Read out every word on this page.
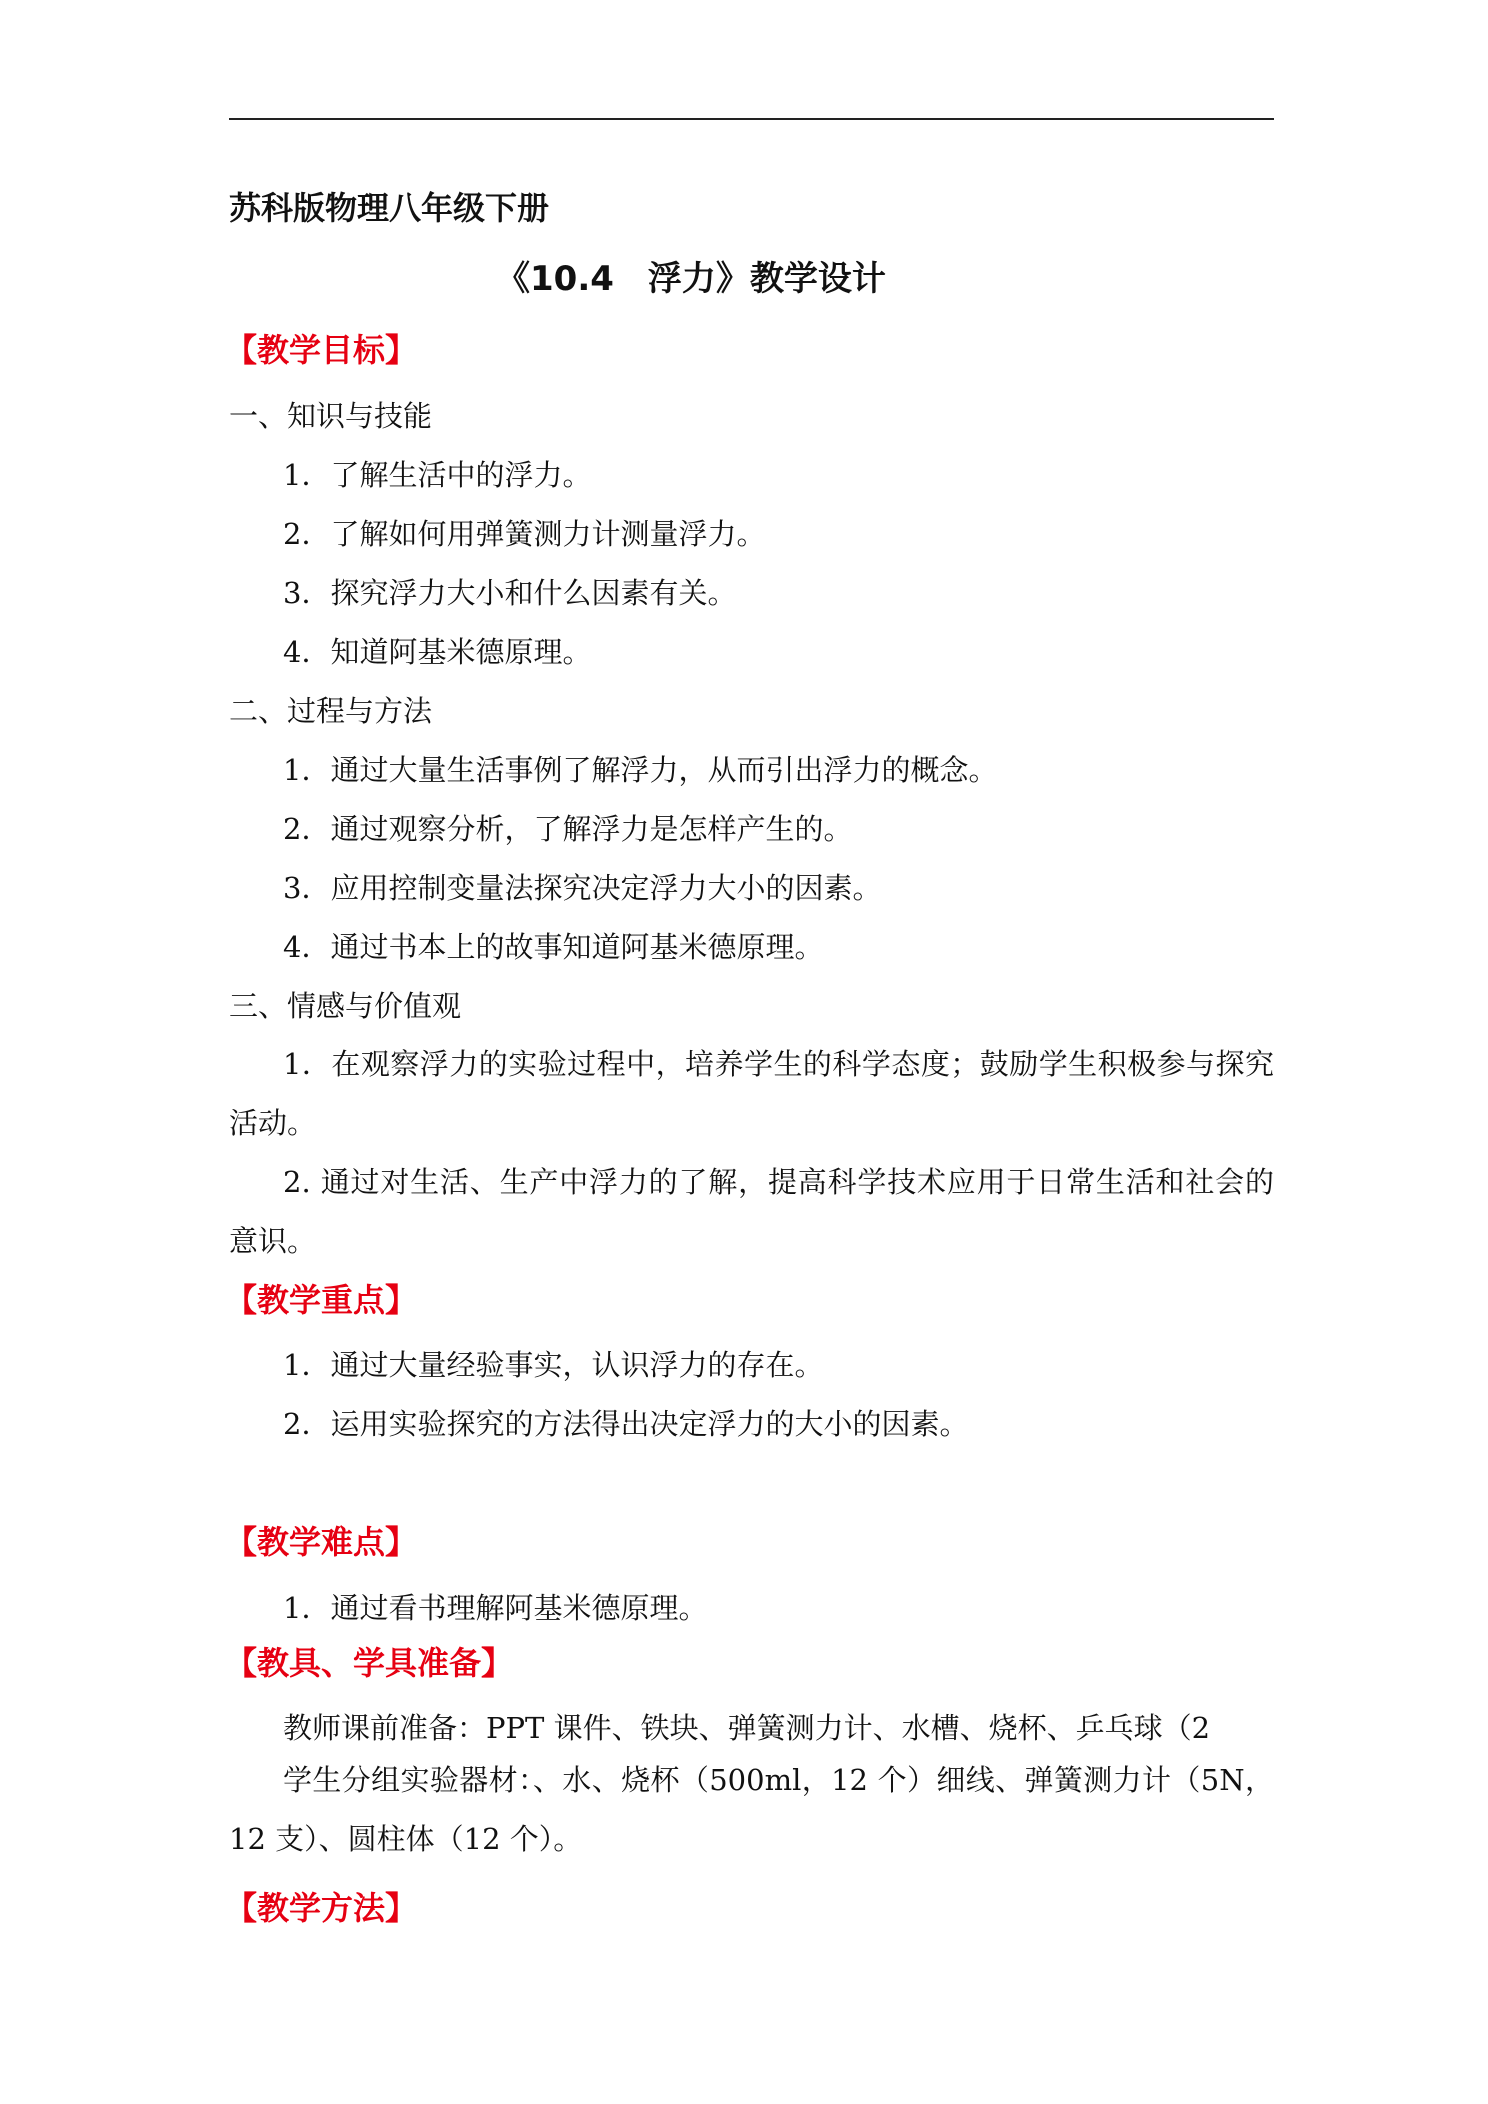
苏科版物理八年级下册
《10.4　浮力》教学设计
【教学目标】
一、知识与技能
1．了解生活中的浮力。
2．了解如何用弹簧测力计测量浮力。
3．探究浮力大小和什么因素有关。
4．知道阿基米德原理。
二、过程与方法
1．通过大量生活事例了解浮力，从而引出浮力的概念。
2．通过观察分析，了解浮力是怎样产生的。
3．应用控制变量法探究决定浮力大小的因素。
4．通过书本上的故事知道阿基米德原理。
三、情感与价值观
1．在观察浮力的实验过程中，培养学生的科学态度；鼓励学生积极参与探究活动。
2. 通过对生活、生产中浮力的了解，提高科学技术应用于日常生活和社会的意识。
【教学重点】
1．通过大量经验事实，认识浮力的存在。
2．运用实验探究的方法得出决定浮力的大小的因素。
【教学难点】
1．通过看书理解阿基米德原理。
【教具、学具准备】
教师课前准备：PPT 课件、铁块、弹簧测力计、水槽、烧杯、乒乓球（2
学生分组实验器材：、水、烧杯（500ml，12 个）细线、弹簧测力计（5N， 12 支）、圆柱体（12 个）。
【教学方法】
